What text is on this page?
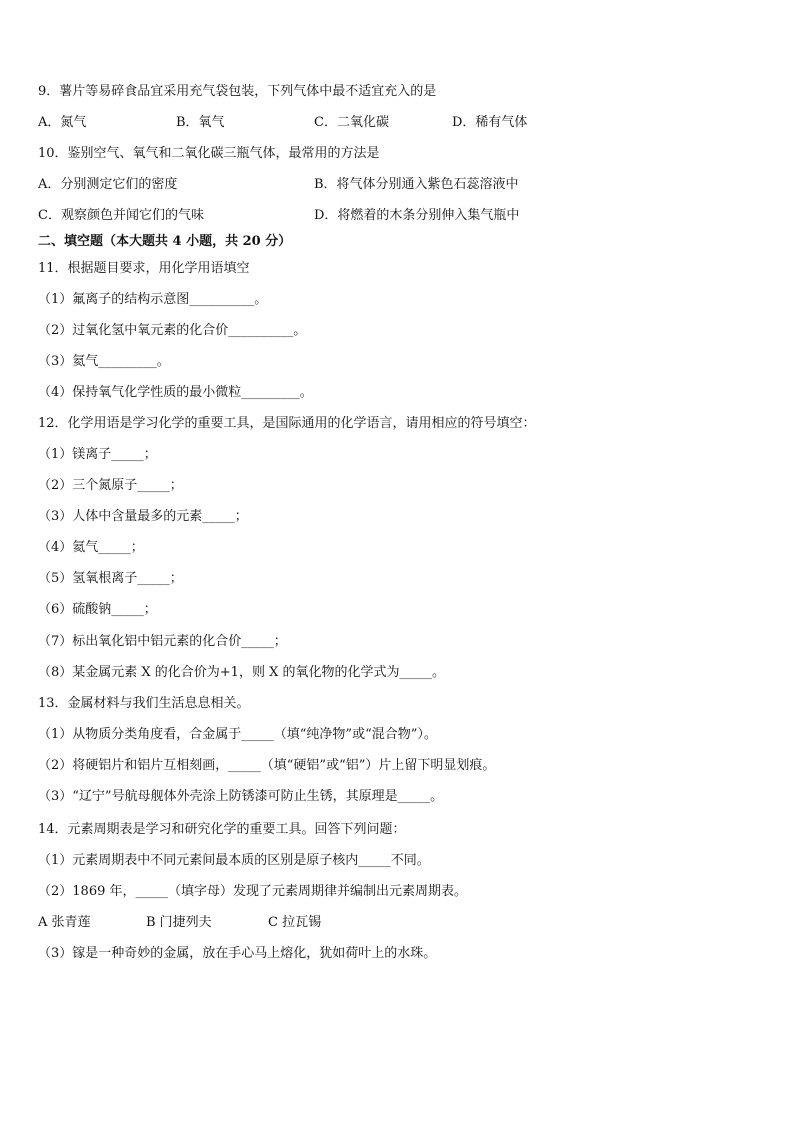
9．薯片等易碎食品宜采用充气袋包装，下列气体中最不适宜充入的是
A．氮气	B．氧气	C．二氧化碳	D．稀有气体
10．鉴别空气、氧气和二氧化碳三瓶气体，最常用的方法是
A．分别测定它们的密度	B．将气体分别通入紫色石蕊溶液中
C．观察颜色并闻它们的气味	D．将燃着的木条分别伸入集气瓶中
二、填空题（本大题共 4 小题，共 20 分）
11．根据题目要求，用化学用语填空
（1）氟离子的结构示意图__________。
（2）过氧化氢中氧元素的化合价__________。
（3）氦气_________。
（4）保持氧气化学性质的最小微粒_________。
12．化学用语是学习化学的重要工具，是国际通用的化学语言，请用相应的符号填空：
（1）镁离子_____；
（2）三个氮原子_____；
（3）人体中含量最多的元素_____；
（4）氦气_____；
（5）氢氧根离子_____；
（6）硫酸钠_____；
（7）标出氧化铝中铝元素的化合价_____；
（8）某金属元素 X 的化合价为+1，则 X 的氧化物的化学式为_____。
13．金属材料与我们生活息息相关。
（1）从物质分类角度看，合金属于_____（填“纯净物”或“混合物”）。
（2）将硬铝片和铝片互相刻画，_____（填“硬铝”或“铝”）片上留下明显划痕。
（3）“辽宁”号航母舰体外壳涂上防锈漆可防止生锈，其原理是_____。
14．元素周期表是学习和研究化学的重要工具。回答下列问题：
（1）元素周期表中不同元素间最本质的区别是原子核内_____不同。
（2）1869 年，_____（填字母）发现了元素周期律并编制出元素周期表。
A 张青莲	B 门捷列夫	C 拉瓦锡
（3）镓是一种奇妙的金属，放在手心马上熔化，犹如荷叶上的水珠。
